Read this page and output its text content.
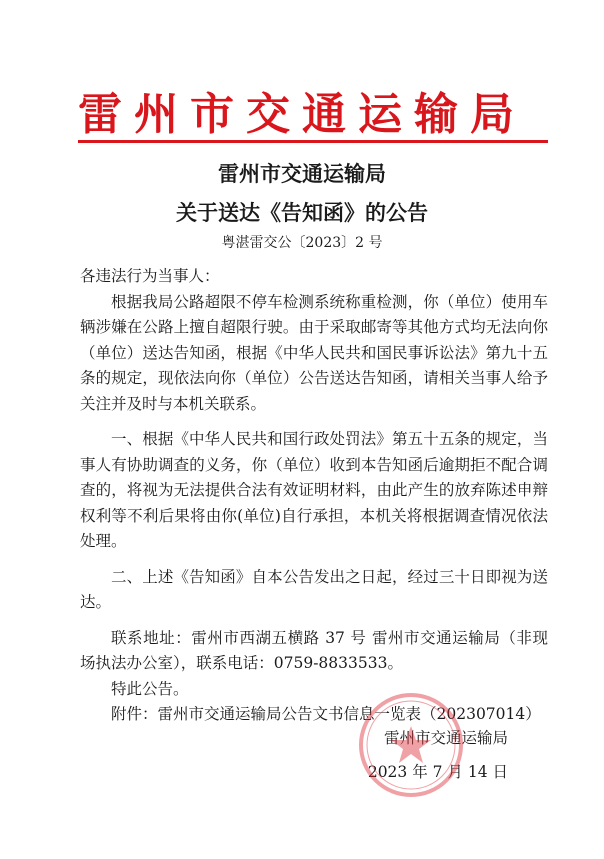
雷州市交通运输局
雷州市交通运输局
关于送达《告知函》的公告
粤湛雷交公〔2023〕2 号

各违法行为当事人：

根据我局公路超限不停车检测系统称重检测，你（单位）使用车辆涉嫌在公路上擅自超限行驶。由于采取邮寄等其他方式均无法向你（单位）送达告知函，根据《中华人民共和国民事诉讼法》第九十五条的规定，现依法向你（单位）公告送达告知函，请相关当事人给予关注并及时与本机关联系。

一、根据《中华人民共和国行政处罚法》第五十五条的规定，当事人有协助调查的义务，你（单位）收到本告知函后逾期拒不配合调查的，将视为无法提供合法有效证明材料，由此产生的放弃陈述申辩权利等不利后果将由你(单位)自行承担，本机关将根据调查情况依法处理。

二、上述《告知函》自本公告发出之日起，经过三十日即视为送达。

联系地址：雷州市西湖五横路 37 号 雷州市交通运输局（非现场执法办公室），联系电话：0759-8833533。

特此公告。

附件：雷州市交通运输局公告文书信息一览表（202307014）

雷州市交通运输局
2023 年 7 月 14 日
